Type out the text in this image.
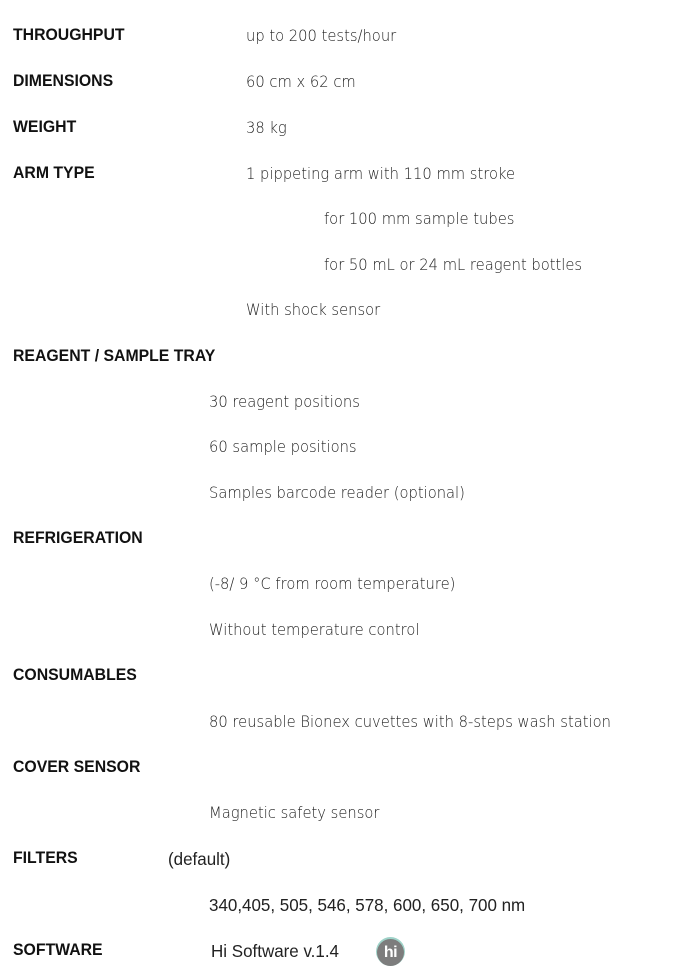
THROUGHPUT	up to 200 tests/hour
DIMENSIONS	60 cm x 62 cm
WEIGHT	38 kg
ARM TYPE	1 pippeting arm with 110 mm stroke
for 100 mm sample tubes
for 50 mL or 24 mL reagent bottles
With shock sensor
REAGENT / SAMPLE TRAY
30 reagent positions
60 sample positions
Samples barcode reader (optional)
REFRIGERATION
(-8/ 9 °C from room temperature)
Without temperature control
CONSUMABLES
80 reusable Bionex cuvettes with 8-steps wash station
COVER SENSOR
Magnetic safety sensor
FILTERS	(default)
340,405, 505, 546, 578, 600, 650, 700 nm
SOFTWARE	Hi Software v.1.4	hi
